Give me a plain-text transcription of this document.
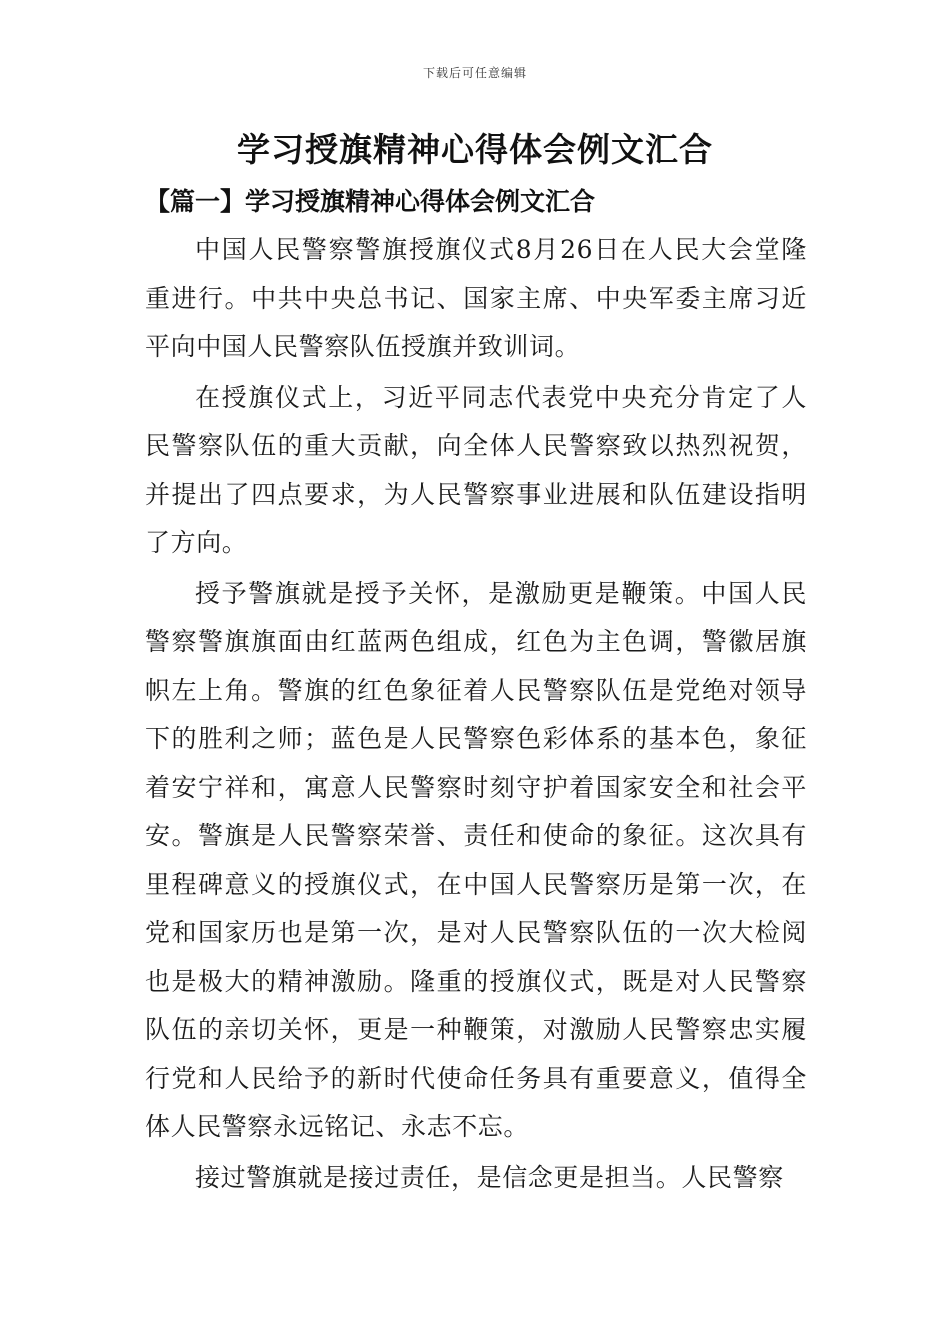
下载后可任意编辑
学习授旗精神心得体会例文汇合
【篇一】学习授旗精神心得体会例文汇合

中国人民警察警旗授旗仪式8月26日在人民大会堂隆重进行。中共中央总书记、国家主席、中央军委主席习近平向中国人民警察队伍授旗并致训词。

在授旗仪式上，习近平同志代表党中央充分肯定了人民警察队伍的重大贡献，向全体人民警察致以热烈祝贺，并提出了四点要求，为人民警察事业进展和队伍建设指明了方向。

授予警旗就是授予关怀，是激励更是鞭策。中国人民警察警旗旗面由红蓝两色组成，红色为主色调，警徽居旗帜左上角。警旗的红色象征着人民警察队伍是党绝对领导下的胜利之师；蓝色是人民警察色彩体系的基本色，象征着安宁祥和，寓意人民警察时刻守护着国家安全和社会平安。警旗是人民警察荣誉、责任和使命的象征。这次具有里程碑意义的授旗仪式，在中国人民警察历是第一次，在党和国家历也是第一次，是对人民警察队伍的一次大检阅也是极大的精神激励。隆重的授旗仪式，既是对人民警察队伍的亲切关怀，更是一种鞭策，对激励人民警察忠实履行党和人民给予的新时代使命任务具有重要意义，值得全体人民警察永远铭记、永志不忘。

接过警旗就是接过责任，是信念更是担当。人民警察
